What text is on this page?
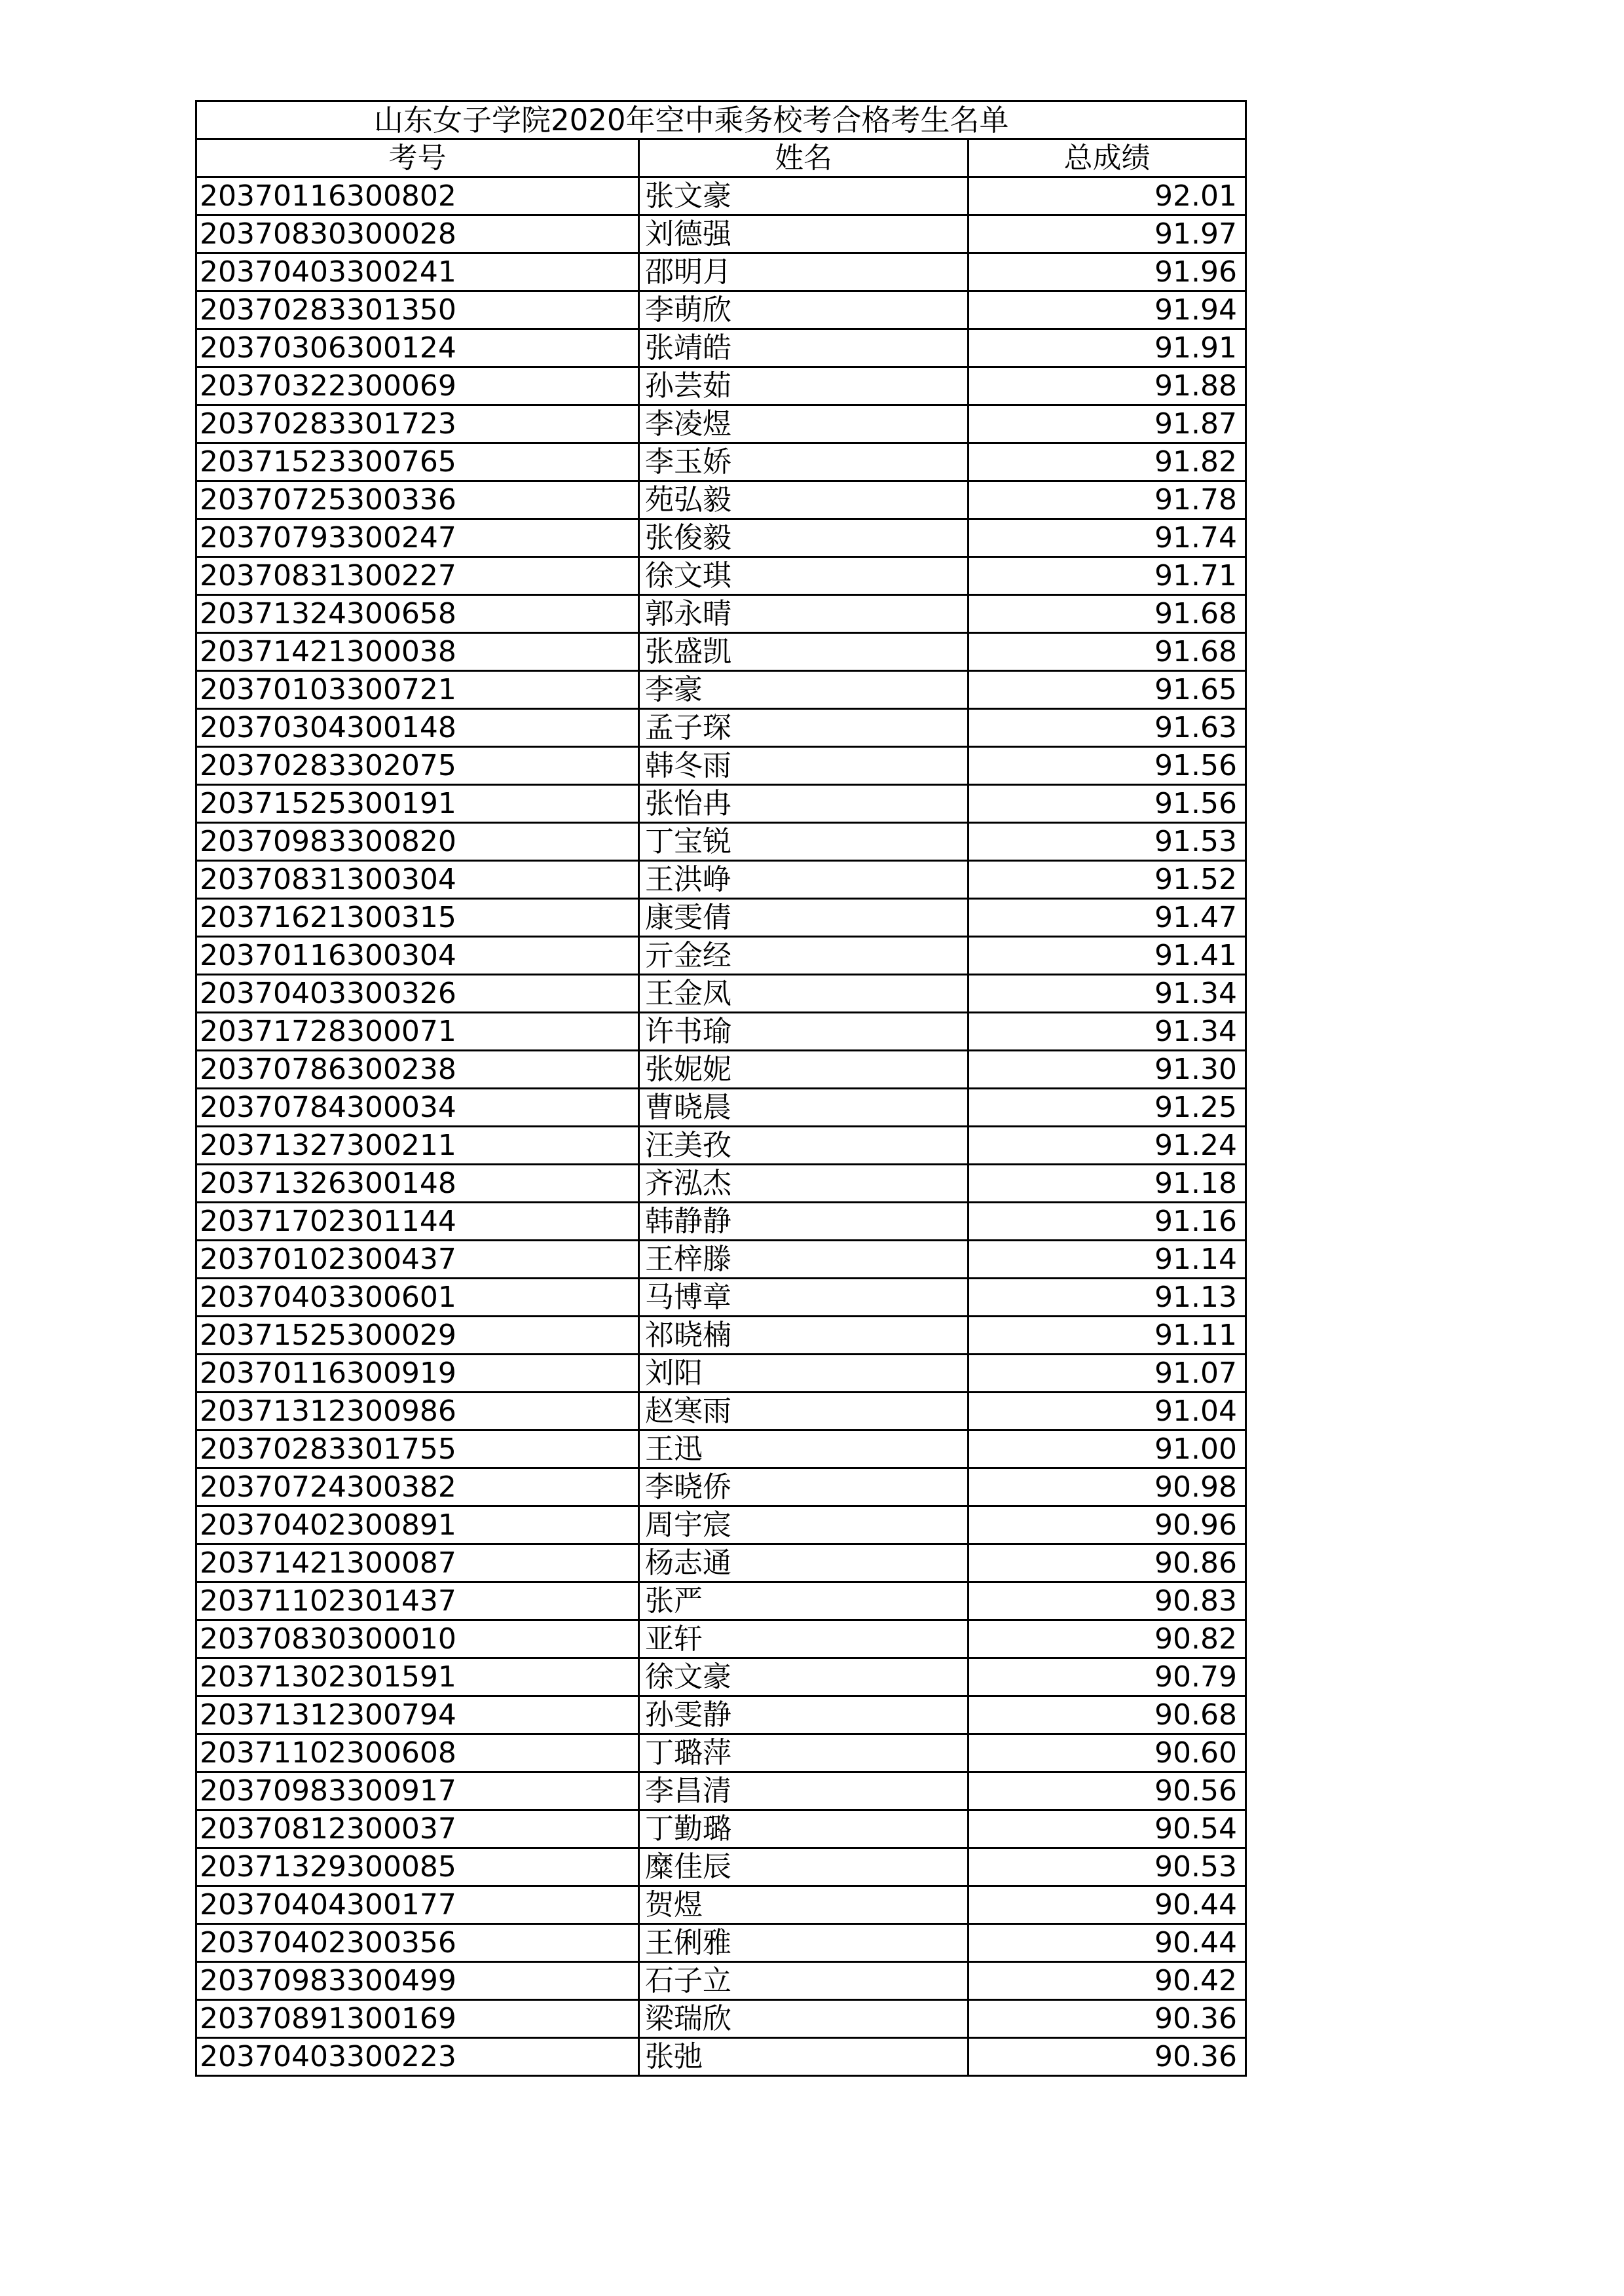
山东女子学院2020年空中乘务校考合格考生名单		
考号	姓名	总成绩
20370116300802	张文豪	92.01
20370830300028	刘德强	91.97
20370403300241	邵明月	91.96
20370283301350	李萌欣	91.94
20370306300124	张靖皓	91.91
20370322300069	孙芸茹	91.88
20370283301723	李凌煜	91.87
20371523300765	李玉娇	91.82
20370725300336	苑弘毅	91.78
20370793300247	张俊毅	91.74
20370831300227	徐文琪	91.71
20371324300658	郭永晴	91.68
20371421300038	张盛凯	91.68
20370103300721	李豪	91.65
20370304300148	孟子琛	91.63
20370283302075	韩冬雨	91.56
20371525300191	张怡冉	91.56
20370983300820	丁宝锐	91.53
20370831300304	王洪峥	91.52
20371621300315	康雯倩	91.47
20370116300304	亓金经	91.41
20370403300326	王金凤	91.34
20371728300071	许书瑜	91.34
20370786300238	张妮妮	91.30
20370784300034	曹晓晨	91.25
20371327300211	汪美孜	91.24
20371326300148	齐泓杰	91.18
20371702301144	韩静静	91.16
20370102300437	王梓滕	91.14
20370403300601	马博章	91.13
20371525300029	祁晓楠	91.11
20370116300919	刘阳	91.07
20371312300986	赵寒雨	91.04
20370283301755	王迅	91.00
20370724300382	李晓侨	90.98
20370402300891	周宇宸	90.96
20371421300087	杨志通	90.86
20371102301437	张严	90.83
20370830300010	亚轩	90.82
20371302301591	徐文豪	90.79
20371312300794	孙雯静	90.68
20371102300608	丁璐萍	90.60
20370983300917	李昌清	90.56
20370812300037	丁勤璐	90.54
20371329300085	糜佳辰	90.53
20370404300177	贺煜	90.44
20370402300356	王俐雅	90.44
20370983300499	石子立	90.42
20370891300169	梁瑞欣	90.36
20370403300223	张弛	90.36
